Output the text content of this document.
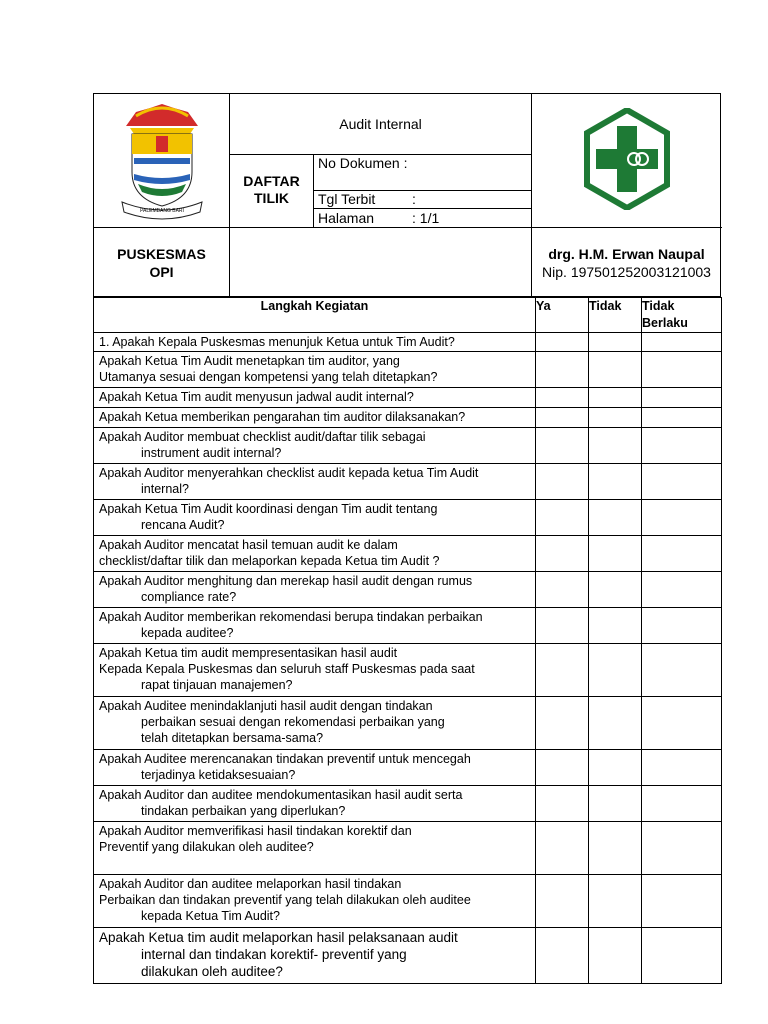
PALEMBANG BARI
Audit Internal
DAFTAR
TILIK
No Dokumen :
Tgl Terbit	:
Halaman	: 1/1
PUSKESMAS
OPI
drg. H.M. Erwan Naupal
Nip. 197501252003121003
Langkah Kegiatan	Ya	Tidak	Tidak Berlaku

1. Apakah Kepala Puskesmas menunjuk Ketua untuk Tim Audit?			

Apakah Ketua Tim Audit menetapkan tim auditor, yang
Utamanya sesuai dengan kompetensi yang telah ditetapkan?			

Apakah Ketua Tim audit menyusun jadwal audit internal?			

Apakah Ketua memberikan pengarahan tim auditor dilaksanakan?			

Apakah Auditor membuat checklist audit/daftar tilik sebagai
instrument audit internal?			

Apakah Auditor menyerahkan checklist audit kepada ketua Tim Audit
internal?			

Apakah Ketua Tim Audit koordinasi dengan Tim audit tentang
rencana Audit?			

Apakah Auditor mencatat hasil temuan audit ke dalam
checklist/daftar tilik dan melaporkan kepada Ketua tim Audit ?			

Apakah Auditor menghitung dan merekap hasil audit dengan rumus
compliance rate?			

Apakah Auditor memberikan rekomendasi berupa tindakan perbaikan
kepada auditee?			

Apakah Ketua tim audit mempresentasikan hasil audit
Kepada Kepala Puskesmas dan seluruh staff Puskesmas pada saat
rapat tinjauan manajemen?			

Apakah Auditee menindaklanjuti hasil audit dengan tindakan
perbaikan sesuai dengan rekomendasi perbaikan yang
telah ditetapkan bersama-sama?			

Apakah Auditee merencanakan tindakan preventif untuk mencegah
terjadinya ketidaksesuaian?			

Apakah Auditor dan auditee mendokumentasikan hasil audit serta
tindakan perbaikan yang diperlukan?			

Apakah Auditor memverifikasi hasil tindakan korektif dan
Preventif yang dilakukan oleh auditee?			

Apakah Auditor dan auditee melaporkan hasil tindakan
Perbaikan dan tindakan preventif yang telah dilakukan oleh auditee
kepada Ketua Tim Audit?			

Apakah Ketua tim audit melaporkan hasil pelaksanaan audit
internal dan tindakan korektif- preventif yang
dilakukan oleh auditee?			
